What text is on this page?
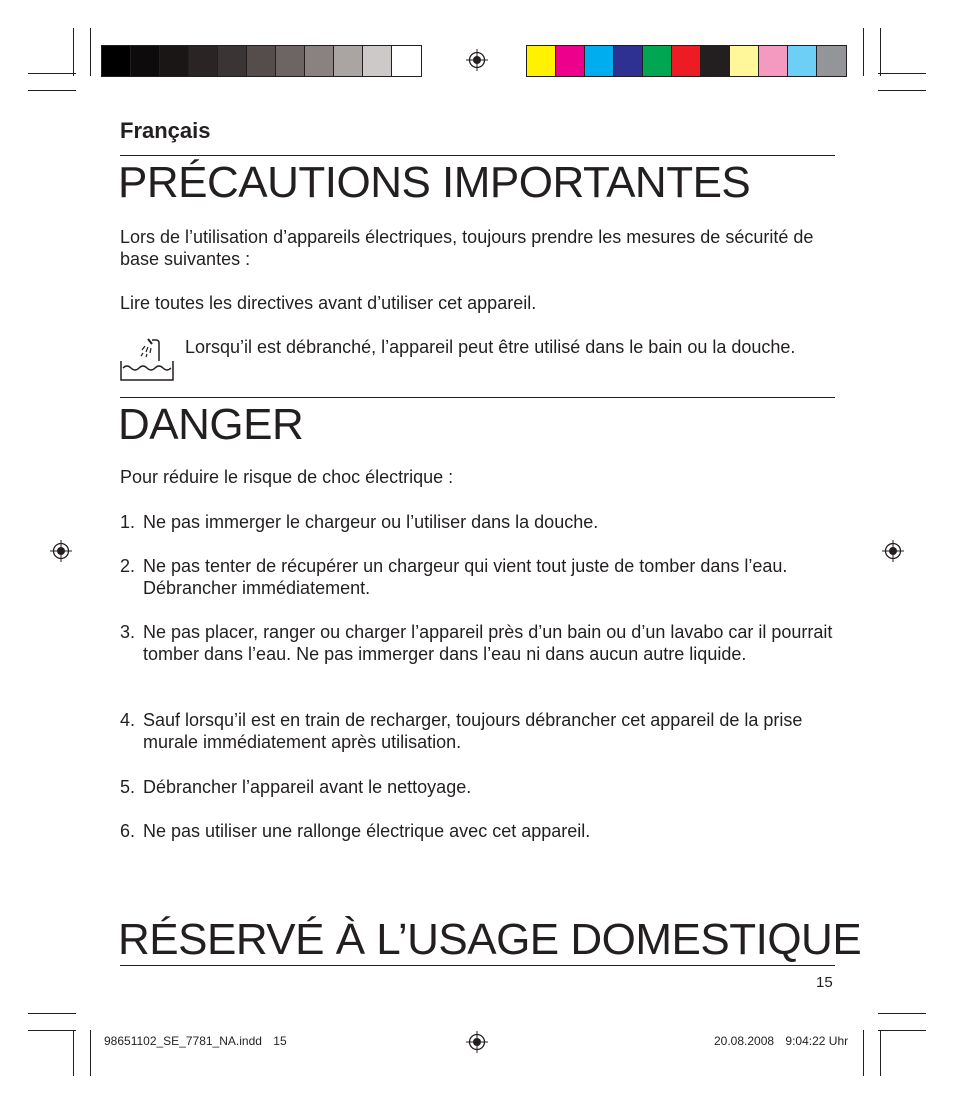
Français
PRÉCAUTIONS IMPORTANTES
Lors de l’utilisation d’appareils électriques, toujours prendre les mesures de sécurité de base suivantes :
Lire toutes les directives avant d’utiliser cet appareil.
Lorsqu’il est débranché, l’appareil peut être utilisé dans le bain ou la douche.
DANGER
Pour réduire le risque de choc électrique :
1. Ne pas immerger le chargeur ou l’utiliser dans la douche.
2. Ne pas tenter de récupérer un chargeur qui vient tout juste de tomber dans l’eau. Débrancher immédiatement.
3. Ne pas placer, ranger ou charger l’appareil près d’un bain ou d’un lavabo car il pourrait tomber dans l’eau. Ne pas immerger dans l’eau ni dans aucun autre liquide.
4. Sauf lorsqu’il est en train de recharger, toujours débrancher cet appareil de la prise murale immédiatement après utilisation.
5. Débrancher l’appareil avant le nettoyage.
6. Ne pas utiliser une rallonge électrique avec cet appareil.
RÉSERVÉ À L’USAGE DOMESTIQUE
15
98651102_SE_7781_NA.indd 15	20.08.2008 9:04:22 Uhr
